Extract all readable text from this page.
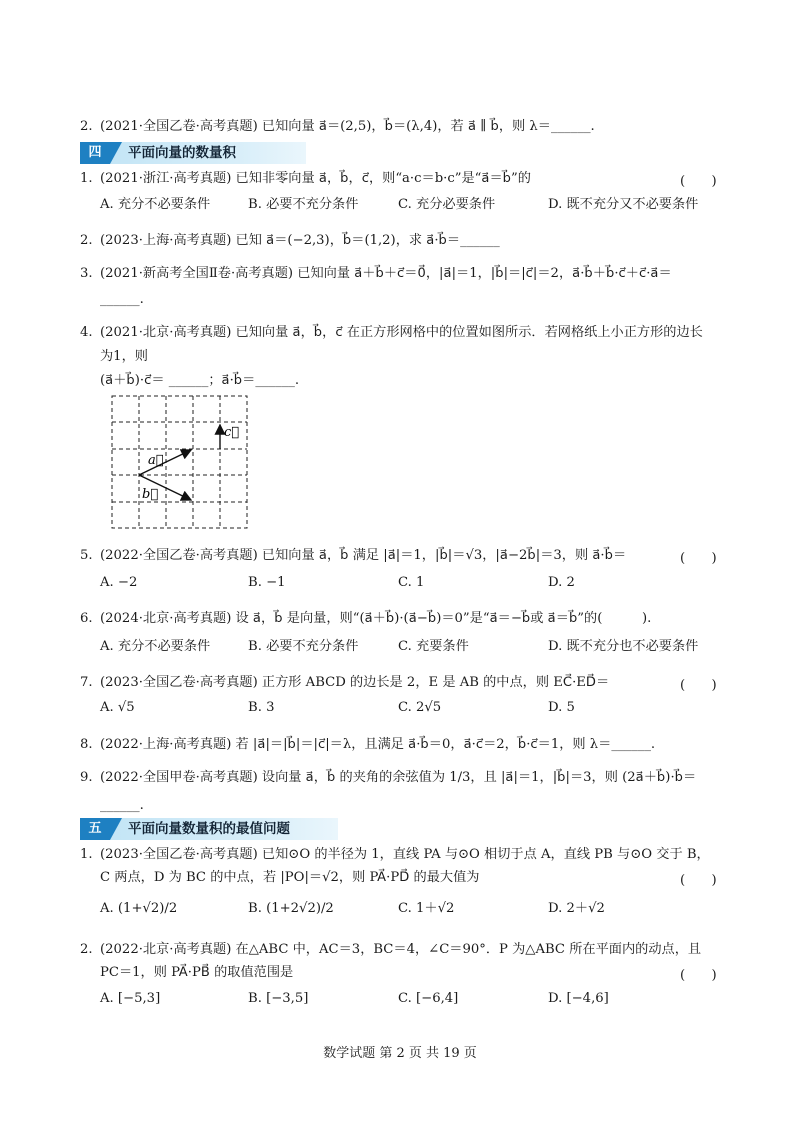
2. (2021·全国乙卷·高考真题) 已知向量 a⃗＝(2,5)，b⃗＝(λ,4)，若 a⃗ ∥ b⃗，则 λ＝______.
四	平面向量的数量积
1. (2021·浙江·高考真题) 已知非零向量 a⃗，b⃗，c⃗，则“a·c＝b·c”是“a⃗＝b⃗”的	(　　)
A. 充分不必要条件	B. 必要不充分条件	C. 充分必要条件	D. 既不充分又不必要条件
2. (2023·上海·高考真题) 已知 a⃗＝(−2,3)，b⃗＝(1,2)，求 a⃗·b⃗＝______
3. (2021·新高考全国Ⅱ卷·高考真题) 已知向量 a⃗＋b⃗＋c⃗＝0⃗，|a⃗|＝1，|b⃗|＝|c⃗|＝2，a⃗·b⃗＋b⃗·c⃗＋c⃗·a⃗＝
______.
4. (2021·北京·高考真题) 已知向量 a⃗，b⃗，c⃗ 在正方形网格中的位置如图所示．若网格纸上小正方形的边长
为1，则
(a⃗＋b⃗)·c⃗＝ ______；a⃗·b⃗＝______.
a⃗
b⃗
c⃗
5. (2022·全国乙卷·高考真题) 已知向量 a⃗，b⃗ 满足 |a⃗|＝1，|b⃗|＝√3，|a⃗−2b⃗|＝3，则 a⃗·b⃗＝	(　　)
A. −2	B. −1	C. 1	D. 2
6. (2024·北京·高考真题) 设 a⃗，b⃗ 是向量，则“(a⃗＋b⃗)·(a⃗−b⃗)＝0”是“a⃗＝−b⃗或 a⃗＝b⃗”的(　　　).
A. 充分不必要条件	B. 必要不充分条件	C. 充要条件	D. 既不充分也不必要条件
7. (2023·全国乙卷·高考真题) 正方形 ABCD 的边长是 2，E 是 AB 的中点，则 EC⃗·ED⃗＝	(　　)
A. √5	B. 3	C. 2√5	D. 5
8. (2022·上海·高考真题) 若 |a⃗|＝|b⃗|＝|c⃗|＝λ，且满足 a⃗·b⃗＝0，a⃗·c⃗＝2，b⃗·c⃗＝1，则 λ＝______.
9. (2022·全国甲卷·高考真题) 设向量 a⃗，b⃗ 的夹角的余弦值为 1/3，且 |a⃗|＝1，|b⃗|＝3，则 (2a⃗＋b⃗)·b⃗＝
______.
五	平面向量数量积的最值问题
1. (2023·全国乙卷·高考真题) 已知⊙O 的半径为 1，直线 PA 与⊙O 相切于点 A，直线 PB 与⊙O 交于 B，
C 两点，D 为 BC 的中点，若 |PO|＝√2，则 PA⃗·PD⃗ 的最大值为	(　　)
A. (1+√2)/2	B. (1+2√2)/2	C. 1＋√2	D. 2＋√2
2. (2022·北京·高考真题) 在△ABC 中，AC＝3，BC＝4，∠C＝90°．P 为△ABC 所在平面内的动点，且
PC＝1，则 PA⃗·PB⃗ 的取值范围是	(　　)
A. [−5,3]	B. [−3,5]	C. [−6,4]	D. [−4,6]
数学试题 第 2 页 共 19 页
